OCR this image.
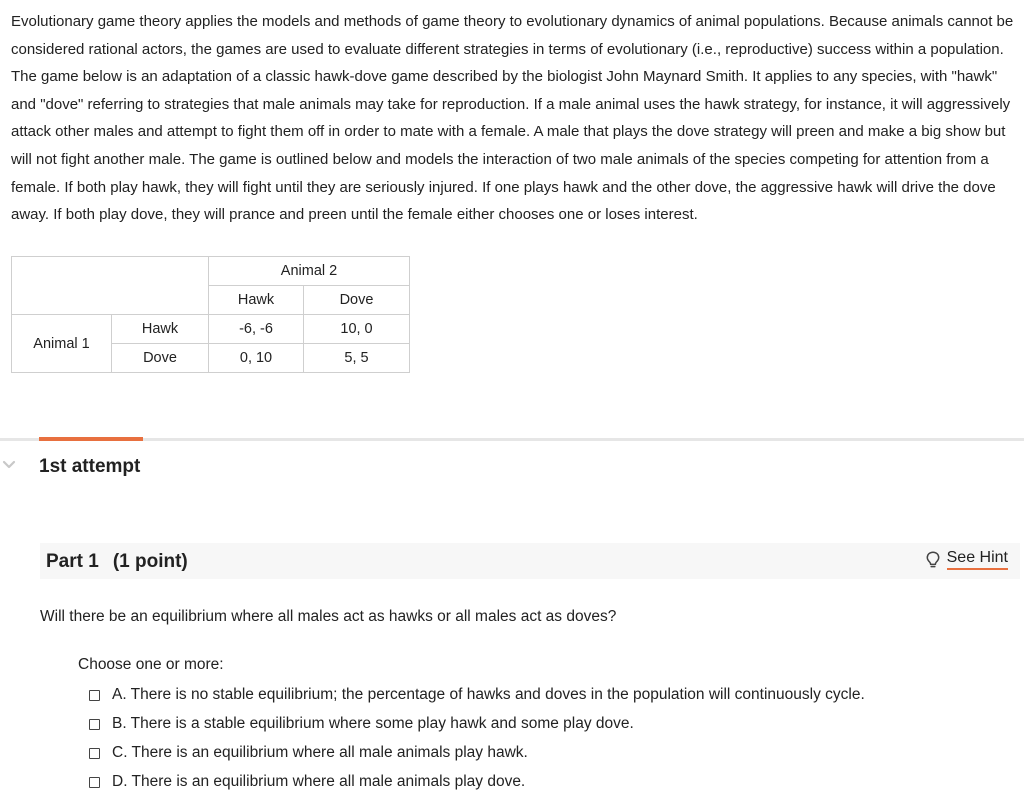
Evolutionary game theory applies the models and methods of game theory to evolutionary dynamics of animal populations. Because animals cannot be considered rational actors, the games are used to evaluate different strategies in terms of evolutionary (i.e., reproductive) success within a population. The game below is an adaptation of a classic hawk-dove game described by the biologist John Maynard Smith. It applies to any species, with "hawk" and "dove" referring to strategies that male animals may take for reproduction. If a male animal uses the hawk strategy, for instance, it will aggressively attack other males and attempt to fight them off in order to mate with a female. A male that plays the dove strategy will preen and make a big show but will not fight another male. The game is outlined below and models the interaction of two male animals of the species competing for attention from a female. If both play hawk, they will fight until they are seriously injured. If one plays hawk and the other dove, the aggressive hawk will drive the dove away. If both play dove, they will prance and preen until the female either chooses one or loses interest.

		Animal 2	
		Hawk	Dove
Animal 1	Hawk	-6, -6	10, 0
	Dove	0, 10	5, 5
1st attempt
Part 1 (1 point)	See Hint
Will there be an equilibrium where all males act as hawks or all males act as doves?
Choose one or more:
A. There is no stable equilibrium; the percentage of hawks and doves in the population will continuously cycle.
B. There is a stable equilibrium where some play hawk and some play dove.
C. There is an equilibrium where all male animals play hawk.
D. There is an equilibrium where all male animals play dove.
